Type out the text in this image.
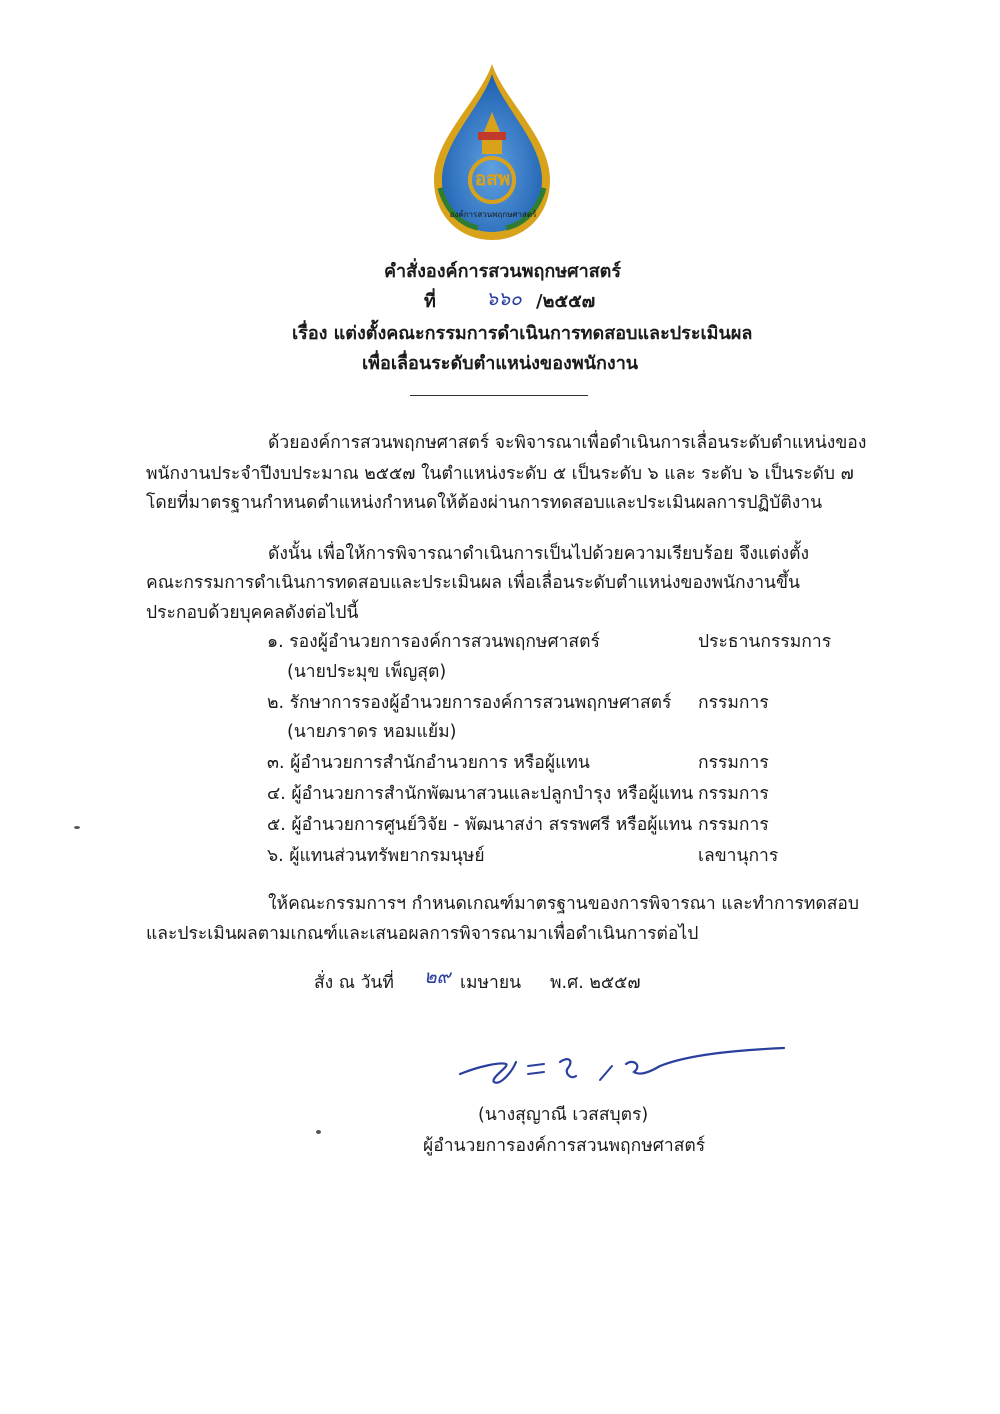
อสพ
องค์การสวนพฤกษศาสตร์
คำสั่งองค์การสวนพฤกษศาสตร์
ที่	๖๖๐ /๒๕๕๗
เรื่อง แต่งตั้งคณะกรรมการดำเนินการทดสอบและประเมินผล
เพื่อเลื่อนระดับตำแหน่งของพนักงาน
ด้วยองค์การสวนพฤกษศาสตร์ จะพิจารณาเพื่อดำเนินการเลื่อนระดับตำแหน่งของ
พนักงานประจำปีงบประมาณ ๒๕๕๗ ในตำแหน่งระดับ ๕ เป็นระดับ ๖ และ ระดับ ๖ เป็นระดับ ๗
โดยที่มาตรฐานกำหนดตำแหน่งกำหนดให้ต้องผ่านการทดสอบและประเมินผลการปฏิบัติงาน
ดังนั้น เพื่อให้การพิจารณาดำเนินการเป็นไปด้วยความเรียบร้อย จึงแต่งตั้ง
คณะกรรมการดำเนินการทดสอบและประเมินผล เพื่อเลื่อนระดับตำแหน่งของพนักงานขึ้น
ประกอบด้วยบุคคลดังต่อไปนี้
๑. รองผู้อำนวยการองค์การสวนพฤกษศาสตร์	ประธานกรรมการ
(นายประมุข เพ็ญสุต)
๒. รักษาการรองผู้อำนวยการองค์การสวนพฤกษศาสตร์ กรรมการ
(นายภราดร หอมแย้ม)
๓. ผู้อำนวยการสำนักอำนวยการ หรือผู้แทน	กรรมการ
๔. ผู้อำนวยการสำนักพัฒนาสวนและปลูกบำรุง หรือผู้แทน กรรมการ
๕. ผู้อำนวยการศูนย์วิจัย - พัฒนาสง่า สรรพศรี หรือผู้แทน กรรมการ
๖. ผู้แทนส่วนทรัพยากรมนุษย์	เลขานุการ
ให้คณะกรรมการฯ กำหนดเกณฑ์มาตรฐานของการพิจารณา และทำการทดสอบ
และประเมินผลตามเกณฑ์และเสนอผลการพิจารณามาเพื่อดำเนินการต่อไป
สั่ง ณ วันที่ ๒๙ เมษายน พ.ศ. ๒๕๕๗
(นางสุญาณี เวสสบุตร)
ผู้อำนวยการองค์การสวนพฤกษศาสตร์
